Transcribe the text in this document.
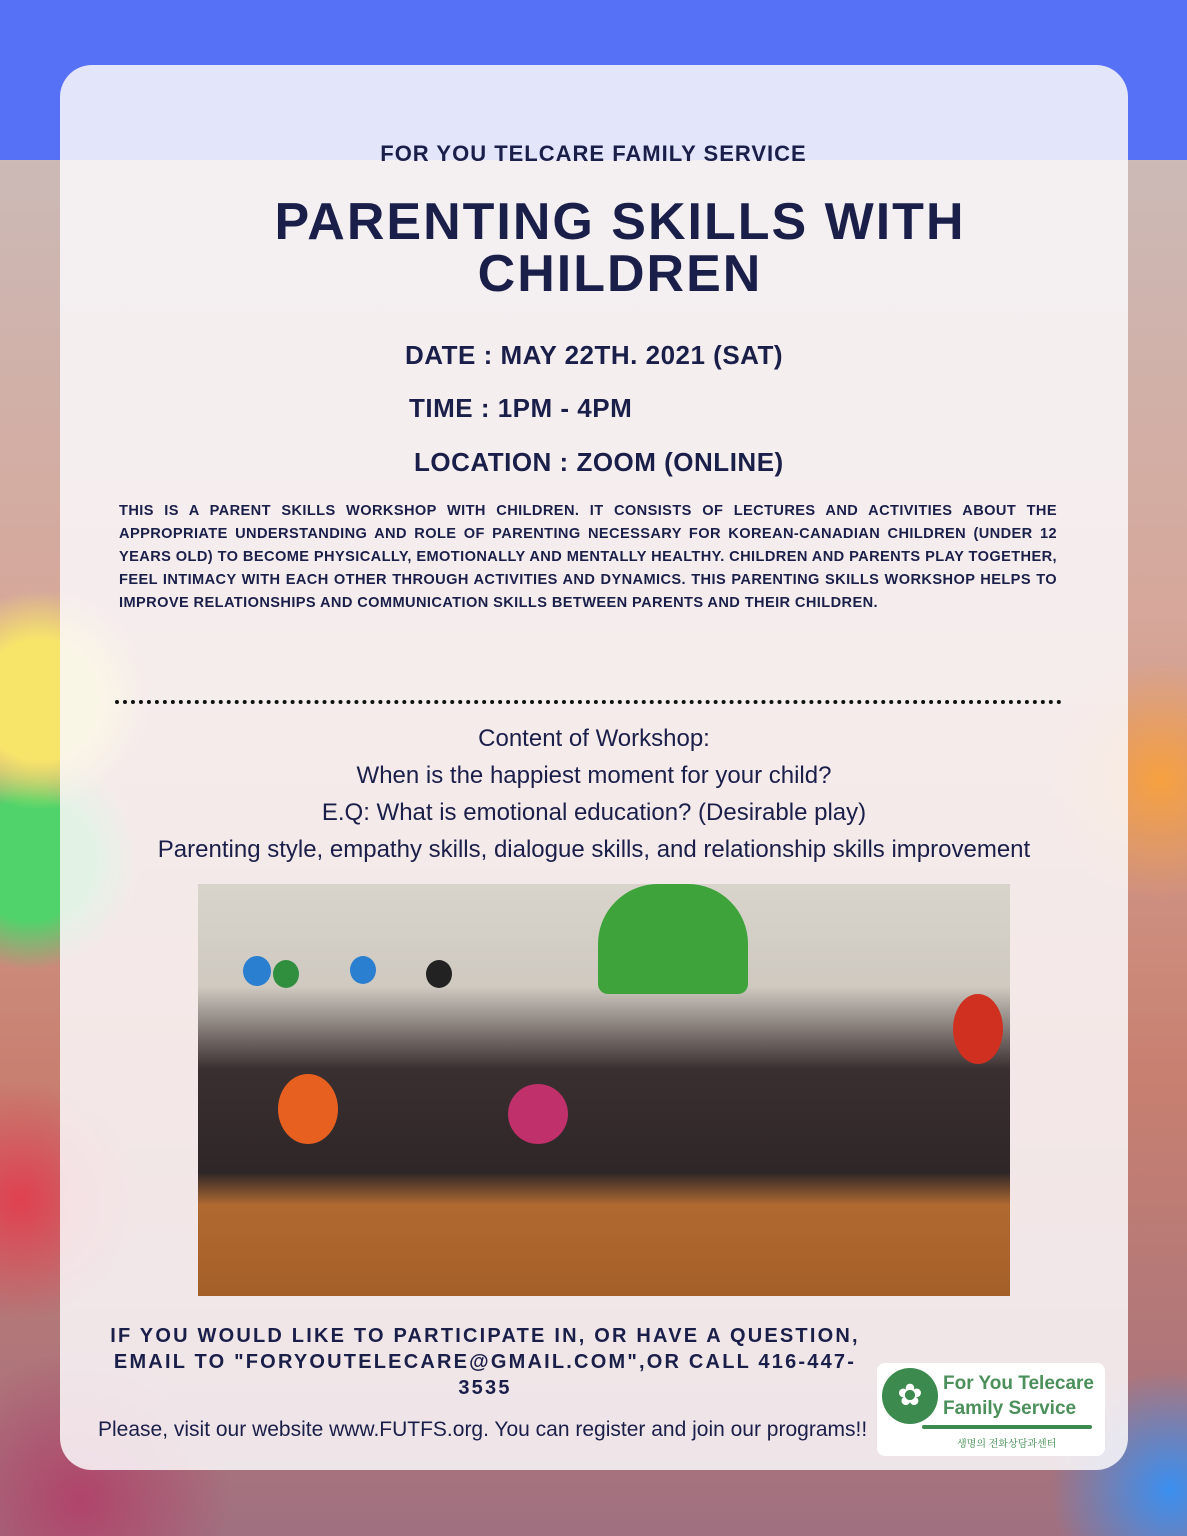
FOR YOU TELCARE FAMILY SERVICE
PARENTING SKILLS WITH CHILDREN
DATE : MAY 22TH. 2021 (SAT)
TIME : 1PM - 4PM
LOCATION : ZOOM (ONLINE)
THIS IS A PARENT SKILLS WORKSHOP WITH CHILDREN. IT CONSISTS OF LECTURES AND ACTIVITIES ABOUT THE APPROPRIATE UNDERSTANDING AND ROLE OF PARENTING NECESSARY FOR KOREAN-CANADIAN CHILDREN (UNDER 12 YEARS OLD) TO BECOME PHYSICALLY, EMOTIONALLY AND MENTALLY HEALTHY. CHILDREN AND PARENTS PLAY TOGETHER, FEEL INTIMACY WITH EACH OTHER THROUGH ACTIVITIES AND DYNAMICS. THIS PARENTING SKILLS WORKSHOP HELPS TO IMPROVE RELATIONSHIPS AND COMMUNICATION SKILLS BETWEEN PARENTS AND THEIR CHILDREN.
Content of Workshop:
When is the happiest moment for your child?
E.Q: What is emotional education? (Desirable play)
Parenting style, empathy skills, dialogue skills, and relationship skills improvement
IF YOU WOULD LIKE TO PARTICIPATE IN, OR HAVE A QUESTION,
EMAIL TO "FORYOUTELECARE@GMAIL.COM",OR CALL 416-447-3535
Please, visit our website www.FUTFS.org. You can register and join our programs!!
✿	For You Telecare
Family Service
생명의 전화상담과센터
